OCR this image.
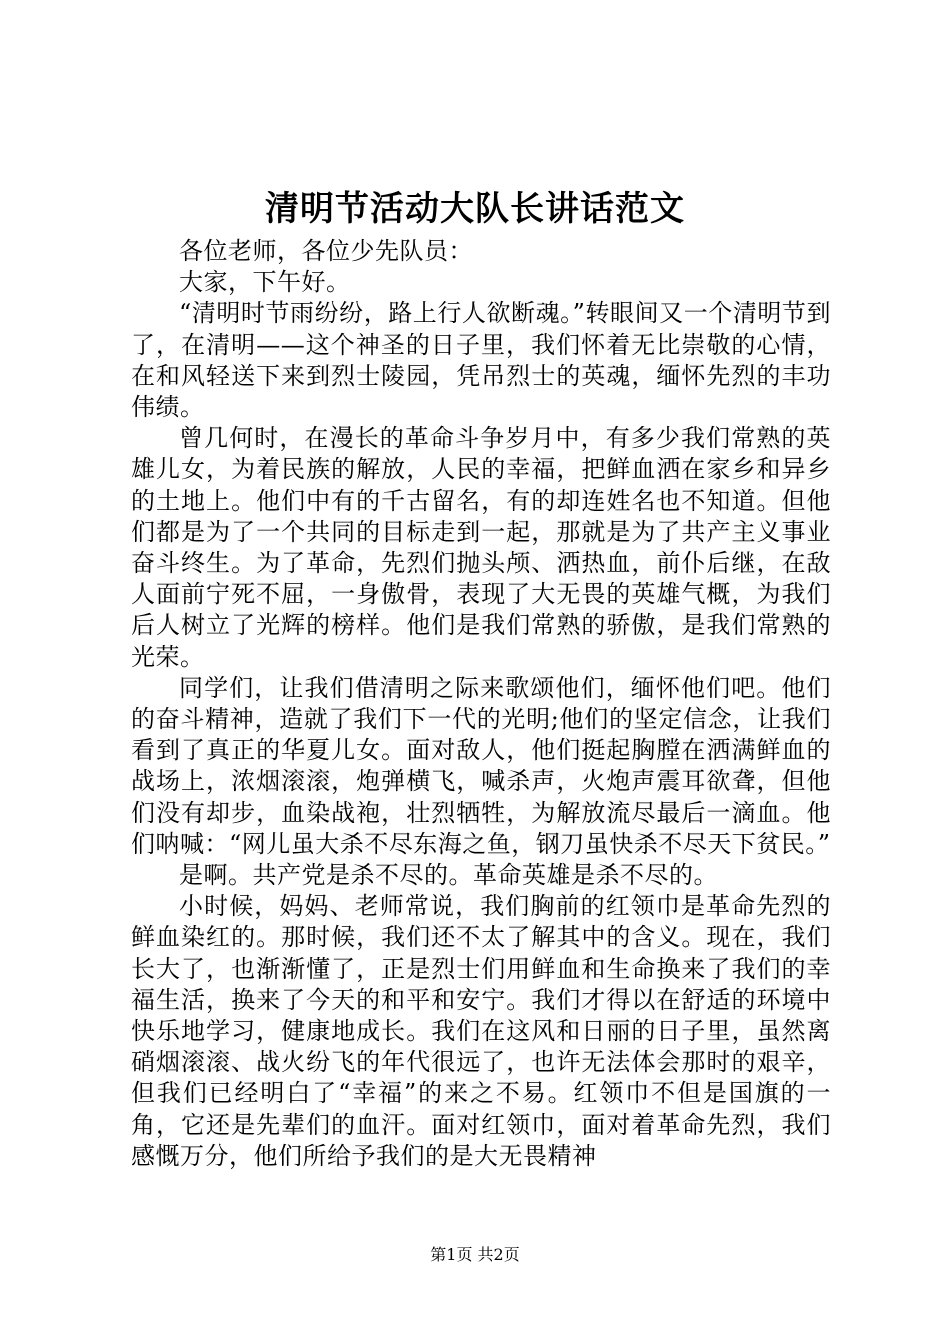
清明节活动大队长讲话范文

各位老师，各位少先队员：

大家，下午好。

“清明时节雨纷纷，路上行人欲断魂。”转眼间又一个清明节到了，在清明——这个神圣的日子里，我们怀着无比崇敬的心情，在和风轻送下来到烈士陵园，凭吊烈士的英魂，缅怀先烈的丰功伟绩。

曾几何时，在漫长的革命斗争岁月中，有多少我们常熟的英雄儿女，为着民族的解放，人民的幸福，把鲜血洒在家乡和异乡的土地上。他们中有的千古留名，有的却连姓名也不知道。但他们都是为了一个共同的目标走到一起，那就是为了共产主义事业奋斗终生。为了革命，先烈们抛头颅、洒热血，前仆后继，在敌人面前宁死不屈，一身傲骨，表现了大无畏的英雄气概，为我们后人树立了光辉的榜样。他们是我们常熟的骄傲，是我们常熟的光荣。

同学们，让我们借清明之际来歌颂他们，缅怀他们吧。他们的奋斗精神，造就了我们下一代的光明;他们的坚定信念，让我们看到了真正的华夏儿女。面对敌人，他们挺起胸膛在洒满鲜血的战场上，浓烟滚滚，炮弹横飞，喊杀声，火炮声震耳欲聋，但他们没有却步，血染战袍，壮烈牺牲，为解放流尽最后一滴血。他们呐喊：“网儿虽大杀不尽东海之鱼，钢刀虽快杀不尽天下贫民。”

是啊。共产党是杀不尽的。革命英雄是杀不尽的。

小时候，妈妈、老师常说，我们胸前的红领巾是革命先烈的鲜血染红的。那时候，我们还不太了解其中的含义。现在，我们长大了，也渐渐懂了，正是烈士们用鲜血和生命换来了我们的幸福生活，换来了今天的和平和安宁。我们才得以在舒适的环境中快乐地学习，健康地成长。我们在这风和日丽的日子里，虽然离硝烟滚滚、战火纷飞的年代很远了，也许无法体会那时的艰辛，但我们已经明白了“幸福”的来之不易。红领巾不但是国旗的一角，它还是先辈们的血汗。面对红领巾，面对着革命先烈，我们感慨万分，他们所给予我们的是大无畏精神

第1页 共2页
